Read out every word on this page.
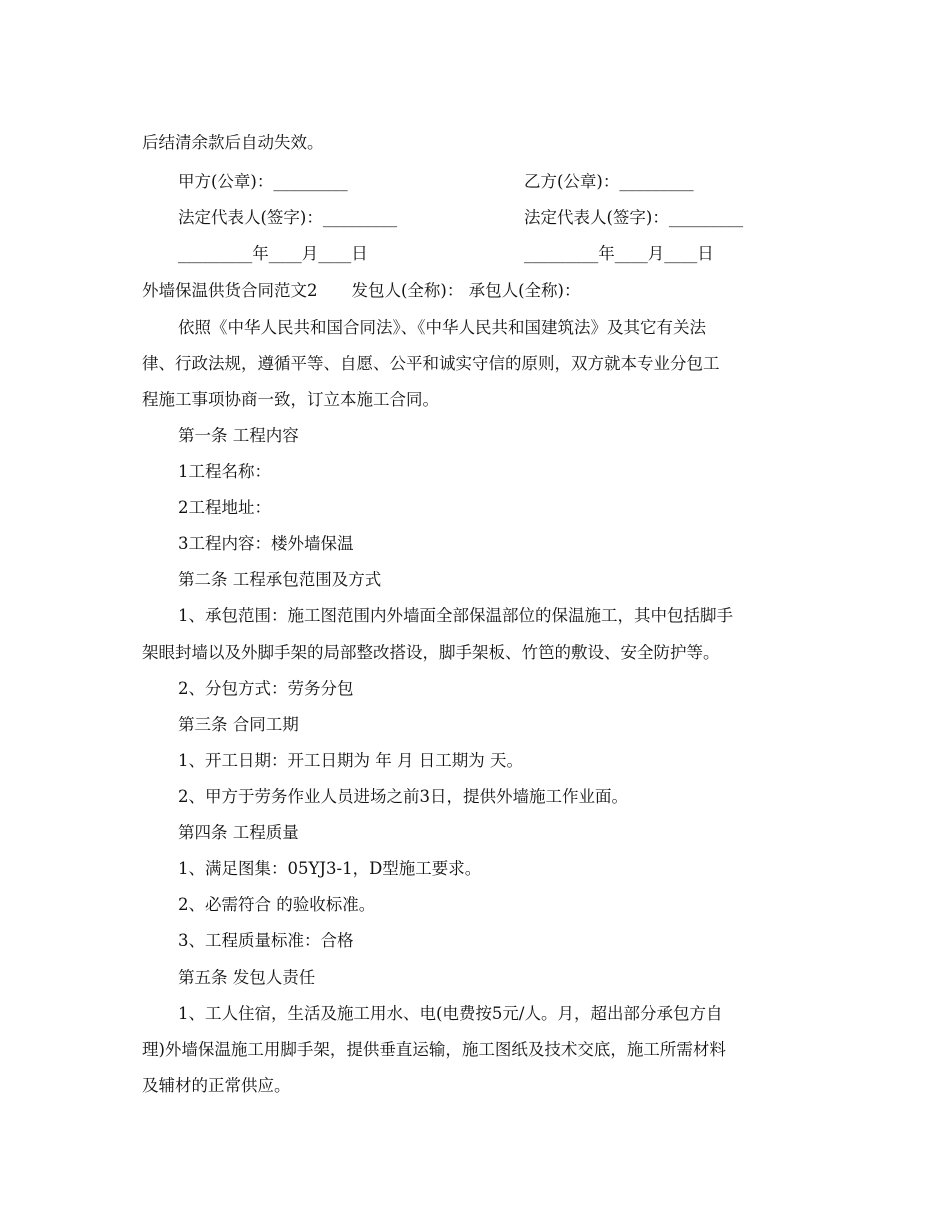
后结清余款后自动失效。
甲方(公章)：_________	乙方(公章)：_________
法定代表人(签字)：_________	法定代表人(签字)：_________
_________年____月____日	_________年____月____日
外墙保温供货合同范文2 发包人(全称)： 承包人(全称)：
依照《中华人民共和国合同法》、《中华人民共和国建筑法》及其它有关法
律、行政法规，遵循平等、自愿、公平和诚实守信的原则，双方就本专业分包工
程施工事项协商一致，订立本施工合同。
第一条 工程内容
1工程名称：
2工程地址：
3工程内容：楼外墙保温
第二条 工程承包范围及方式
1、承包范围：施工图范围内外墙面全部保温部位的保温施工，其中包括脚手
架眼封墙以及外脚手架的局部整改搭设，脚手架板、竹笆的敷设、安全防护等。
2、分包方式：劳务分包
第三条 合同工期
1、开工日期：开工日期为 年 月 日工期为 天。
2、甲方于劳务作业人员进场之前3日，提供外墙施工作业面。
第四条 工程质量
1、满足图集：05YJ3-1，D型施工要求。
2、必需符合 的验收标准。
3、工程质量标准：合格
第五条 发包人责任
1、工人住宿，生活及施工用水、电(电费按5元/人。月，超出部分承包方自
理)外墙保温施工用脚手架，提供垂直运输，施工图纸及技术交底，施工所需材料
及辅材的正常供应。
